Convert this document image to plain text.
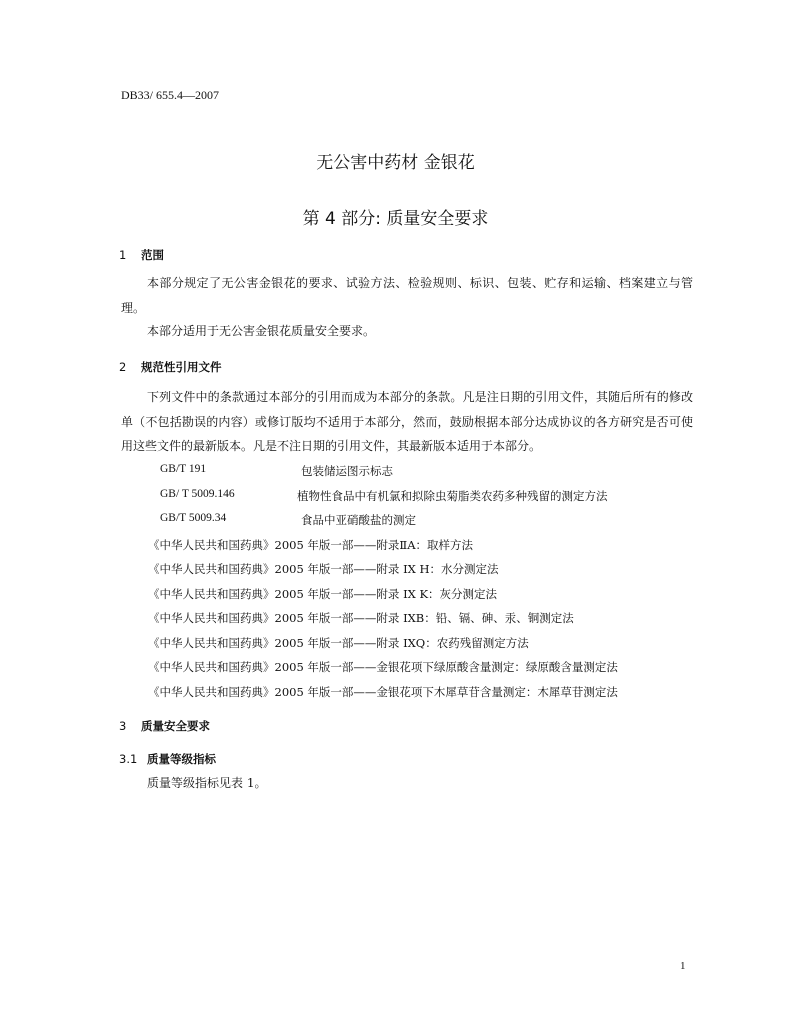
DB33/ 655.4—2007
无公害中药材 金银花
第 4 部分: 质量安全要求
1 范围
本部分规定了无公害金银花的要求、试验方法、检验规则、标识、包装、贮存和运输、档案建立与管理。
本部分适用于无公害金银花质量安全要求。
2 规范性引用文件
下列文件中的条款通过本部分的引用而成为本部分的条款。凡是注日期的引用文件，其随后所有的修改单（不包括勘误的内容）或修订版均不适用于本部分，然而，鼓励根据本部分达成协议的各方研究是否可使用这些文件的最新版本。凡是不注日期的引用文件，其最新版本适用于本部分。
GB/T 191	包装储运图示标志
GB/ T 5009.146	植物性食品中有机氯和拟除虫菊脂类农药多种残留的测定方法
GB/T 5009.34	食品中亚硝酸盐的测定
《中华人民共和国药典》2005 年版一部——附录ⅡA：取样方法
《中华人民共和国药典》2005 年版一部——附录 IX H：水分测定法
《中华人民共和国药典》2005 年版一部——附录 IX K：灰分测定法
《中华人民共和国药典》2005 年版一部——附录 IXB：铅、镉、砷、汞、铜测定法
《中华人民共和国药典》2005 年版一部——附录 IXQ：农药残留测定方法
《中华人民共和国药典》2005 年版一部——金银花项下绿原酸含量测定：绿原酸含量测定法
《中华人民共和国药典》2005 年版一部——金银花项下木犀草苷含量测定：木犀草苷测定法
3 质量安全要求
3.1 质量等级指标
质量等级指标见表 1。
1
